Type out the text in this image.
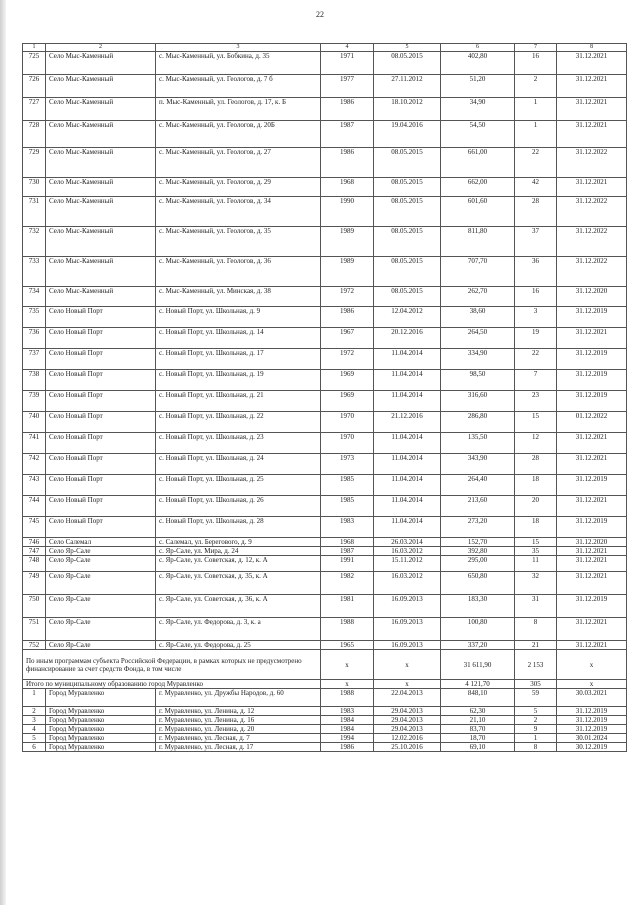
22
1	2	3	4	5	6	7	8
725	Село Мыс-Каменный	с. Мыс-Каменный, ул. Бобкина, д. 35	1971	08.05.2015	402,80	16	31.12.2021
726	Село Мыс-Каменный	с. Мыс-Каменный, ул. Геологов, д. 7 б	1977	27.11.2012	51,20	2	31.12.2021
727	Село Мыс-Каменный	п. Мыс-Каменный, ул. Геологов, д. 17, к. Б	1986	18.10.2012	34,90	1	31.12.2021
728	Село Мыс-Каменный	с. Мыс-Каменный, ул. Геологов, д. 20Б	1987	19.04.2016	54,50	1	31.12.2021
729	Село Мыс-Каменный	с. Мыс-Каменный, ул. Геологов, д. 27	1986	08.05.2015	661,00	22	31.12.2022
730	Село Мыс-Каменный	с. Мыс-Каменный, ул. Геологов, д. 29	1968	08.05.2015	662,00	42	31.12.2021
731	Село Мыс-Каменный	с. Мыс-Каменный, ул. Геологов, д. 34	1990	08.05.2015	601,60	28	31.12.2022
732	Село Мыс-Каменный	с. Мыс-Каменный, ул. Геологов, д. 35	1989	08.05.2015	811,80	37	31.12.2022
733	Село Мыс-Каменный	с. Мыс-Каменный, ул. Геологов, д. 36	1989	08.05.2015	707,70	36	31.12.2022
734	Село Мыс-Каменный	с. Мыс-Каменный, ул. Минская, д. 38	1972	08.05.2015	262,70	16	31.12.2020
735	Село Новый Порт	с. Новый Порт, ул. Школьная, д. 9	1986	12.04.2012	38,60	3	31.12.2019
736	Село Новый Порт	с. Новый Порт, ул. Школьная, д. 14	1967	20.12.2016	264,50	19	31.12.2021
737	Село Новый Порт	с. Новый Порт, ул. Школьная, д. 17	1972	11.04.2014	334,90	22	31.12.2019
738	Село Новый Порт	с. Новый Порт, ул. Школьная, д. 19	1969	11.04.2014	98,50	7	31.12.2019
739	Село Новый Порт	с. Новый Порт, ул. Школьная, д. 21	1969	11.04.2014	316,60	23	31.12.2019
740	Село Новый Порт	с. Новый Порт, ул. Школьная, д. 22	1970	21.12.2016	286,80	15	01.12.2022
741	Село Новый Порт	с. Новый Порт, ул. Школьная, д. 23	1970	11.04.2014	135,50	12	31.12.2021
742	Село Новый Порт	с. Новый Порт, ул. Школьная, д. 24	1973	11.04.2014	343,90	28	31.12.2021
743	Село Новый Порт	с. Новый Порт, ул. Школьная, д. 25	1985	11.04.2014	264,40	18	31.12.2019
744	Село Новый Порт	с. Новый Порт, ул. Школьная, д. 26	1985	11.04.2014	213,60	20	31.12.2021
745	Село Новый Порт	с. Новый Порт, ул. Школьная, д. 28	1983	11.04.2014	273,20	18	31.12.2019
746	Село Салемал	с. Салемал, ул. Берегового, д. 9	1968	26.03.2014	152,70	15	31.12.2020
747	Село Яр-Сале	с. Яр-Сале, ул. Мира, д. 24	1987	16.03.2012	392,80	35	31.12.2021
748	Село Яр-Сале	с. Яр-Сале, ул. Советская, д. 12, к. А	1991	15.11.2012	295,00	11	31.12.2021
749	Село Яр-Сале	с. Яр-Сале, ул. Советская, д. 35, к. А	1982	16.03.2012	650,80	32	31.12.2021
750	Село Яр-Сале	с. Яр-Сале, ул. Советская, д. 36, к. А	1981	16.09.2013	183,30	31	31.12.2019
751	Село Яр-Сале	с. Яр-Сале, ул. Федорова, д. 3, к. а	1988	16.09.2013	100,80	8	31.12.2021
752	Село Яр-Сале	с. Яр-Сале, ул. Федорова, д. 25	1965	16.09.2013	337,20	21	31.12.2021
По иным программам субъекта Российской Федерации, в рамках которых не предусмотрено финансирование за счет средств Фонда, в том числе			x	x	31 611,90	2 153	x
Итого по муниципальному образованию город Муравленко			x	x	4 121,70	305	x
1	Город Муравленко	г. Муравленко, ул. Дружбы Народов, д. 60	1988	22.04.2013	848,10	59	30.03.2021
2	Город Муравленко	г. Муравленко, ул. Ленина, д. 12	1983	29.04.2013	62,30	5	31.12.2019
3	Город Муравленко	г. Муравленко, ул. Ленина, д. 16	1984	29.04.2013	21,10	2	31.12.2019
4	Город Муравленко	г. Муравленко, ул. Ленина, д. 20	1984	29.04.2013	83,70	9	31.12.2019
5	Город Муравленко	г. Муравленко, ул. Лесная, д. 7	1994	12.02.2016	18,70	1	30.01.2024
6	Город Муравленко	г. Муравленко, ул. Лесная, д. 17	1986	25.10.2016	69,10	8	30.12.2019
